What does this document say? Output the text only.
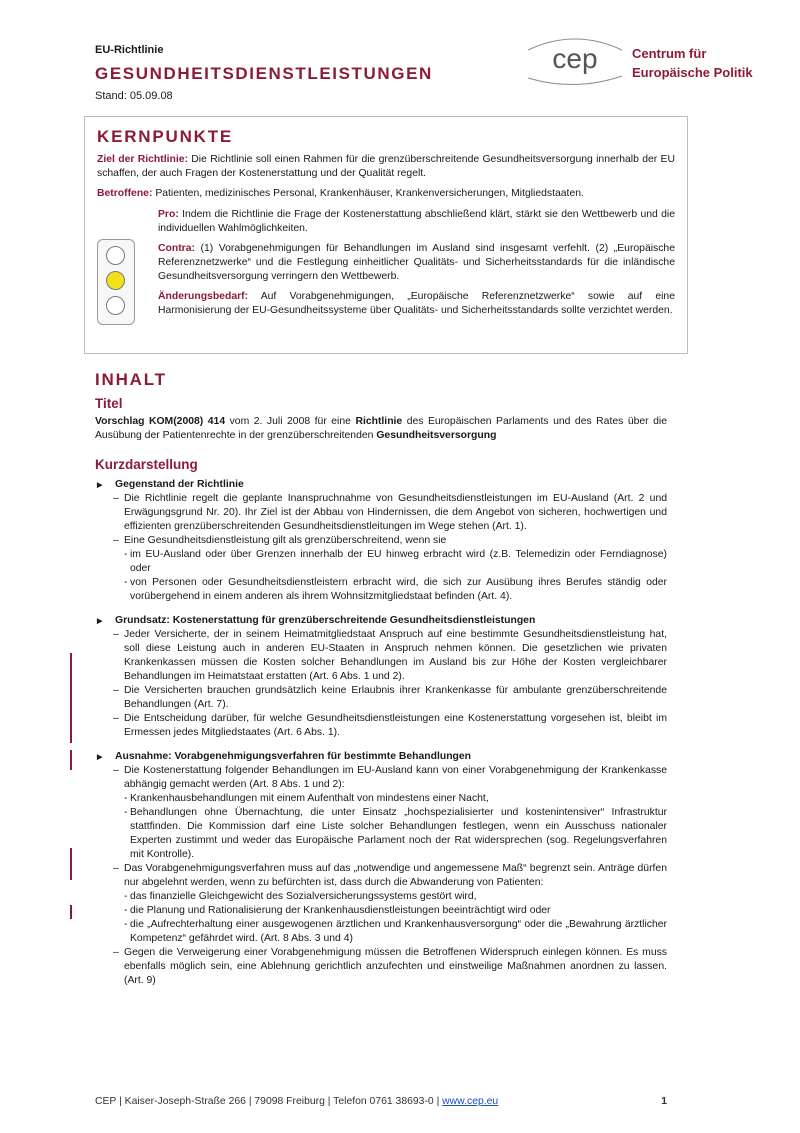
EU-Richtlinie
GESUNDHEITSDIENSTLEISTUNGEN
Stand: 05.09.08
cep	Centrum für
Europäische Politik
KERNPUNKTE

Ziel der Richtlinie: Die Richtlinie soll einen Rahmen für die grenzüberschreitende Gesundheitsversorgung innerhalb der EU schaffen, der auch Fragen der Kostenerstattung und der Qualität regelt.

Betroffene: Patienten, medizinisches Personal, Krankenhäuser, Krankenversicherungen, Mitgliedstaaten.

Pro: Indem die Richtlinie die Frage der Kostenerstattung abschließend klärt, stärkt sie den Wettbewerb und die individuellen Wahlmöglichkeiten.

Contra: (1) Vorabgenehmigungen für Behandlungen im Ausland sind insgesamt verfehlt. (2) „Europäische Referenznetzwerke“ und die Festlegung einheitlicher Qualitäts- und Sicherheitsstandards für die inländische Gesundheitsversorgung verringern den Wettbewerb.

Änderungsbedarf: Auf Vorabgenehmigungen, „Europäische Referenznetzwerke“ sowie auf eine Harmonisierung der EU-Gesundheitssysteme über Qualitäts- und Sicherheitsstandards sollte verzichtet werden.

INHALT
Titel

Vorschlag KOM(2008) 414 vom 2. Juli 2008 für eine Richtlinie des Europäischen Parlaments und des Rates über die Ausübung der Patientenrechte in der grenzüberschreitenden Gesundheitsversorgung

Kurzdarstellung
▶ Gegenstand der Richtlinie

– Die Richtlinie regelt die geplante Inanspruchnahme von Gesundheitsdienstleistungen im EU-Ausland (Art. 2 und Erwägungsgrund Nr. 20). Ihr Ziel ist der Abbau von Hindernissen, die dem Angebot von sicheren, hochwertigen und effizienten grenzüberschreitenden Gesundheitsdienstleitungen im Wege stehen (Art. 1).

– Eine Gesundheitsdienstleistung gilt als grenzüberschreitend, wenn sie

- im EU-Ausland oder über Grenzen innerhalb der EU hinweg erbracht wird (z.B. Telemedizin oder Ferndiagnose) oder

- von Personen oder Gesundheitsdienstleistern erbracht wird, die sich zur Ausübung ihres Berufes ständig oder vorübergehend in einem anderen als ihrem Wohnsitzmitgliedstaat befinden (Art. 4).

▶ Grundsatz: Kostenerstattung für grenzüberschreitende Gesundheitsdienstleistungen

– Jeder Versicherte, der in seinem Heimatmitgliedstaat Anspruch auf eine bestimmte Gesundheitsdienstleistung hat, soll diese Leistung auch in anderen EU-Staaten in Anspruch nehmen können. Die gesetzlichen wie privaten Krankenkassen müssen die Kosten solcher Behandlungen im Ausland bis zur Höhe der Kosten vergleichbarer Behandlungen im Heimatstaat erstatten (Art. 6 Abs. 1 und 2).

– Die Versicherten brauchen grundsätzlich keine Erlaubnis ihrer Krankenkasse für ambulante grenzüberschreitende Behandlungen (Art. 7).

– Die Entscheidung darüber, für welche Gesundheitsdienstleistungen eine Kostenerstattung vorgesehen ist, bleibt im Ermessen jedes Mitgliedstaates (Art. 6 Abs. 1).

▶ Ausnahme: Vorabgenehmigungsverfahren für bestimmte Behandlungen

– Die Kostenerstattung folgender Behandlungen im EU-Ausland kann von einer Vorabgenehmigung der Krankenkasse abhängig gemacht werden (Art. 8 Abs. 1 und 2):

- Krankenhausbehandlungen mit einem Aufenthalt von mindestens einer Nacht,

- Behandlungen ohne Übernachtung, die unter Einsatz „hochspezialisierter und kostenintensiver“ Infrastruktur stattfinden. Die Kommission darf eine Liste solcher Behandlungen festlegen, wenn ein Ausschuss nationaler Experten zustimmt und weder das Europäische Parlament noch der Rat widersprechen (sog. Regelungsverfahren mit Kontrolle).

– Das Vorabgenehmigungsverfahren muss auf das „notwendige und angemessene Maß“ begrenzt sein. Anträge dürfen nur abgelehnt werden, wenn zu befürchten ist, dass durch die Abwanderung von Patienten:

- das finanzielle Gleichgewicht des Sozialversicherungssystems gestört wird,

- die Planung und Rationalisierung der Krankenhausdienstleistungen beeinträchtigt wird oder

- die „Aufrechterhaltung einer ausgewogenen ärztlichen und Krankenhausversorgung“ oder die „Bewahrung ärztlicher Kompetenz“ gefährdet wird. (Art. 8 Abs. 3 und 4)

– Gegen die Verweigerung einer Vorabgenehmigung müssen die Betroffenen Widerspruch einlegen können. Es muss ebenfalls möglich sein, eine Ablehnung gerichtlich anzufechten und einstweilige Maßnahmen anordnen zu lassen. (Art. 9)

CEP | Kaiser-Joseph-Straße 266 | 79098 Freiburg | Telefon 0761 38693-0 | www.cep.eu	1
